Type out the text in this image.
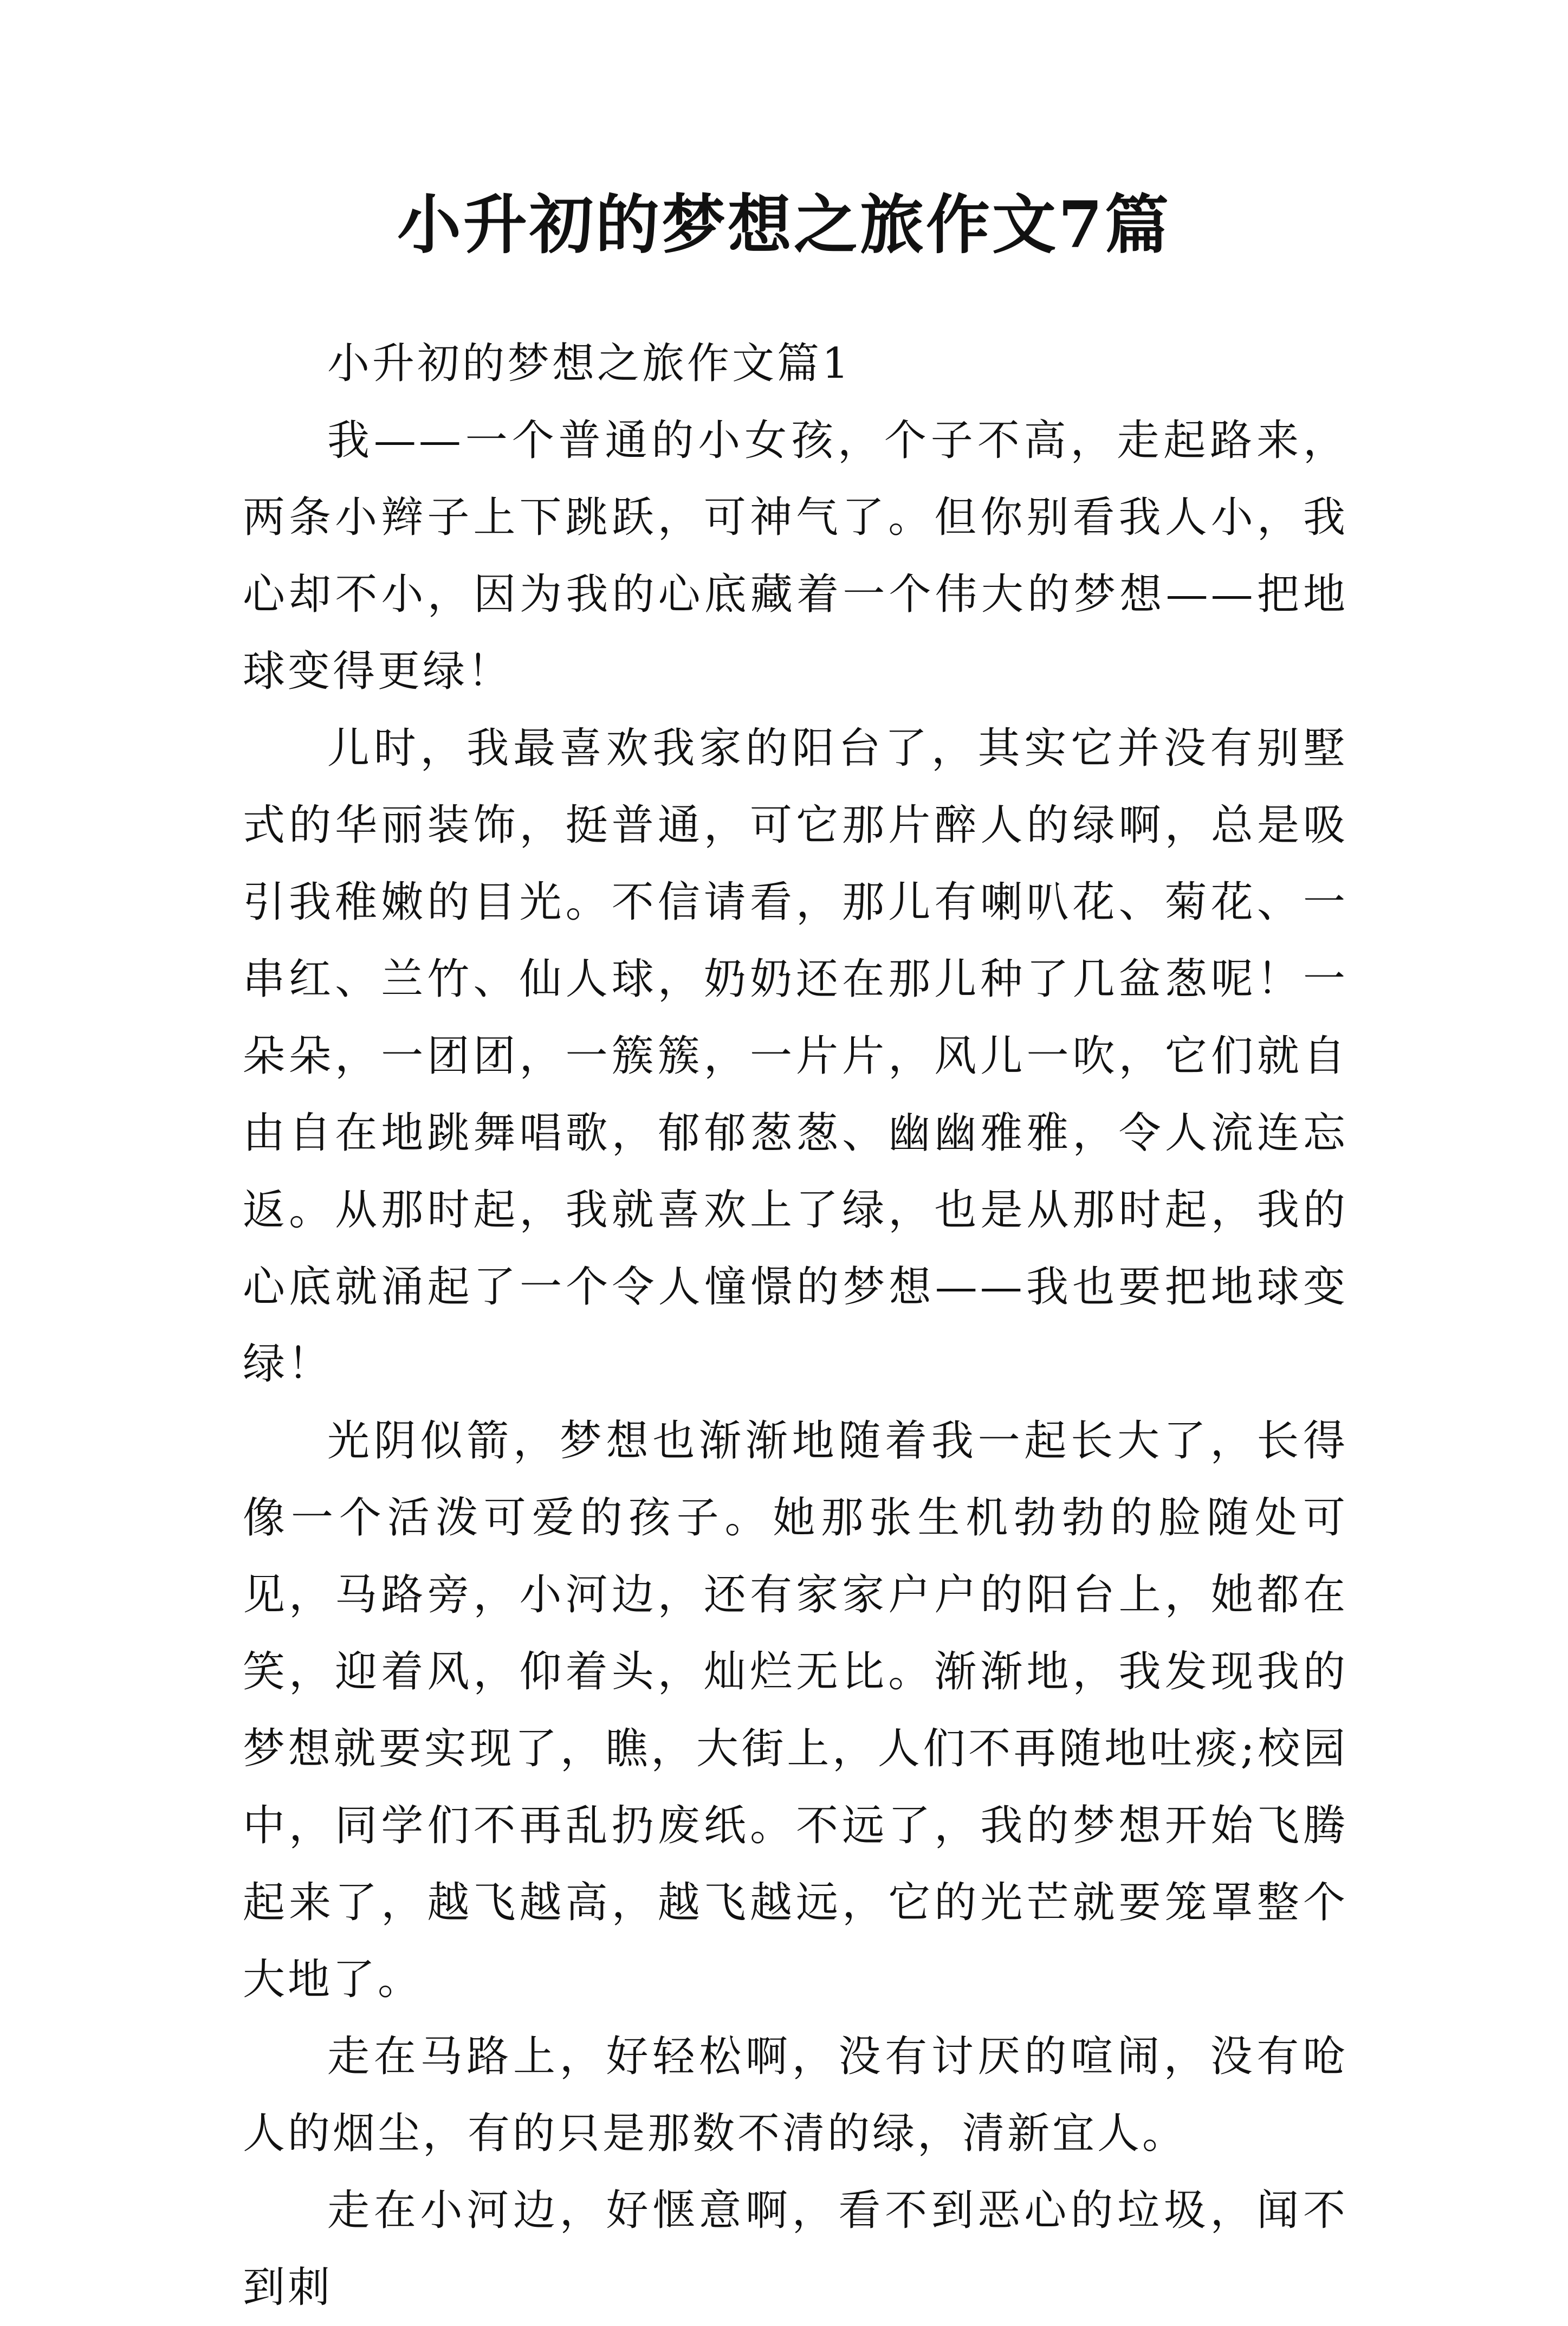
小升初的梦想之旅作文7篇

小升初的梦想之旅作文篇1

我——一个普通的小女孩，个子不高，走起路来，两条小辫子上下跳跃，可神气了。但你别看我人小，我心却不小，因为我的心底藏着一个伟大的梦想——把地球变得更绿！

儿时，我最喜欢我家的阳台了，其实它并没有别墅式的华丽装饰，挺普通，可它那片醉人的绿啊，总是吸引我稚嫩的目光。不信请看，那儿有喇叭花、菊花、一串红、兰竹、仙人球，奶奶还在那儿种了几盆葱呢！一朵朵，一团团，一簇簇，一片片，风儿一吹，它们就自由自在地跳舞唱歌，郁郁葱葱、幽幽雅雅，令人流连忘返。从那时起，我就喜欢上了绿，也是从那时起，我的心底就涌起了一个令人憧憬的梦想——我也要把地球变绿！

光阴似箭，梦想也渐渐地随着我一起长大了，长得像一个活泼可爱的孩子。她那张生机勃勃的脸随处可见，马路旁，小河边，还有家家户户的阳台上，她都在笑，迎着风，仰着头，灿烂无比。渐渐地，我发现我的梦想就要实现了，瞧，大街上，人们不再随地吐痰;校园中，同学们不再乱扔废纸。不远了，我的梦想开始飞腾起来了，越飞越高，越飞越远，它的光芒就要笼罩整个大地了。

走在马路上，好轻松啊，没有讨厌的喧闹，没有呛人的烟尘，有的只是那数不清的绿，清新宜人。

走在小河边，好惬意啊，看不到恶心的垃圾，闻不到刺
